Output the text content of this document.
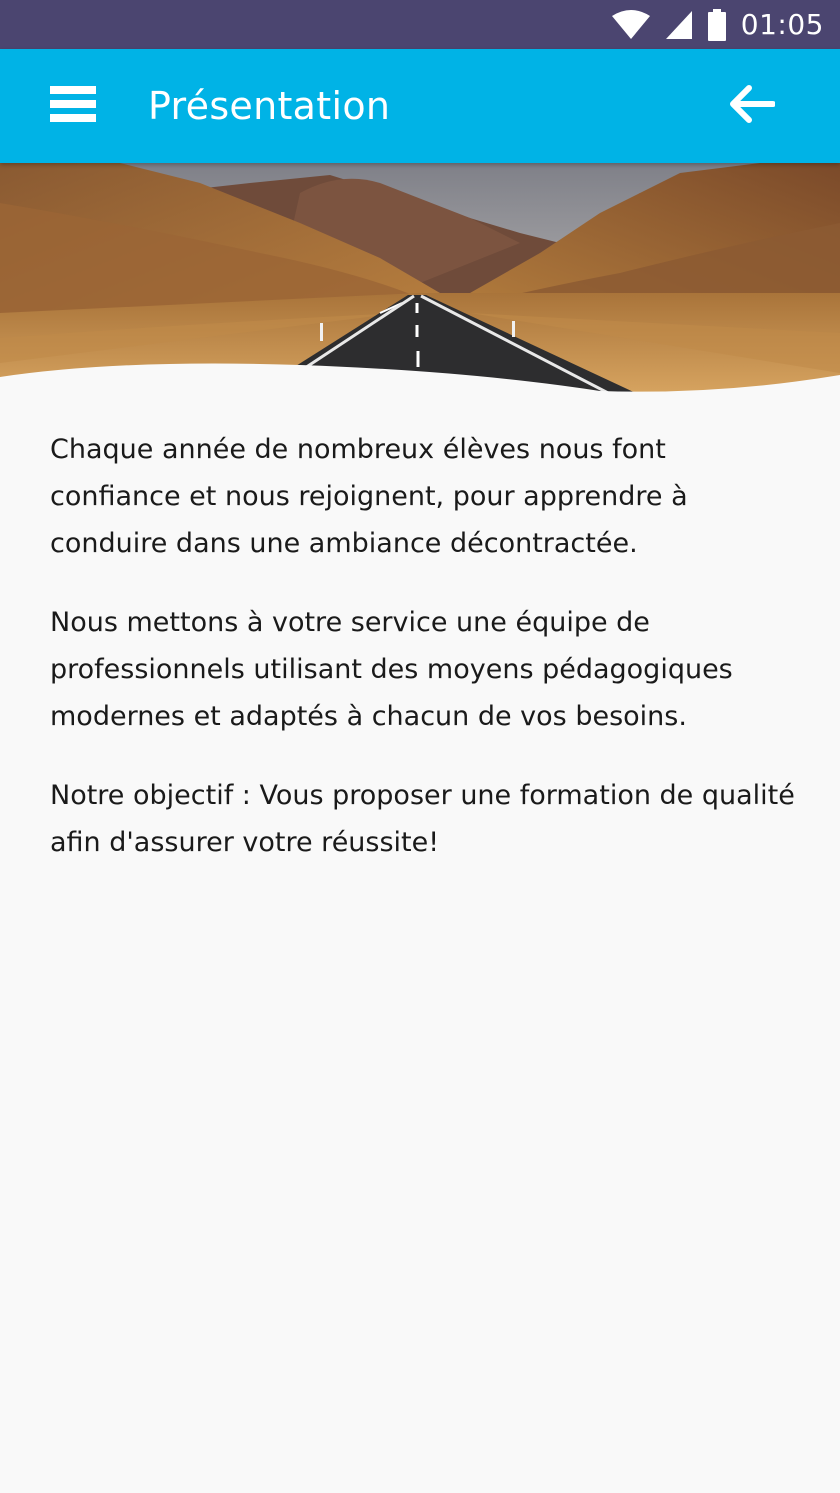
01:05
Présentation

Chaque année de nombreux élèves nous font confiance et nous rejoignent, pour apprendre à conduire dans une ambiance décontractée.

Nous mettons à votre service une équipe de professionnels utilisant des moyens pédagogiques modernes et adaptés à chacun de vos besoins.

Notre objectif : Vous proposer une formation de qualité afin d'assurer votre réussite!
